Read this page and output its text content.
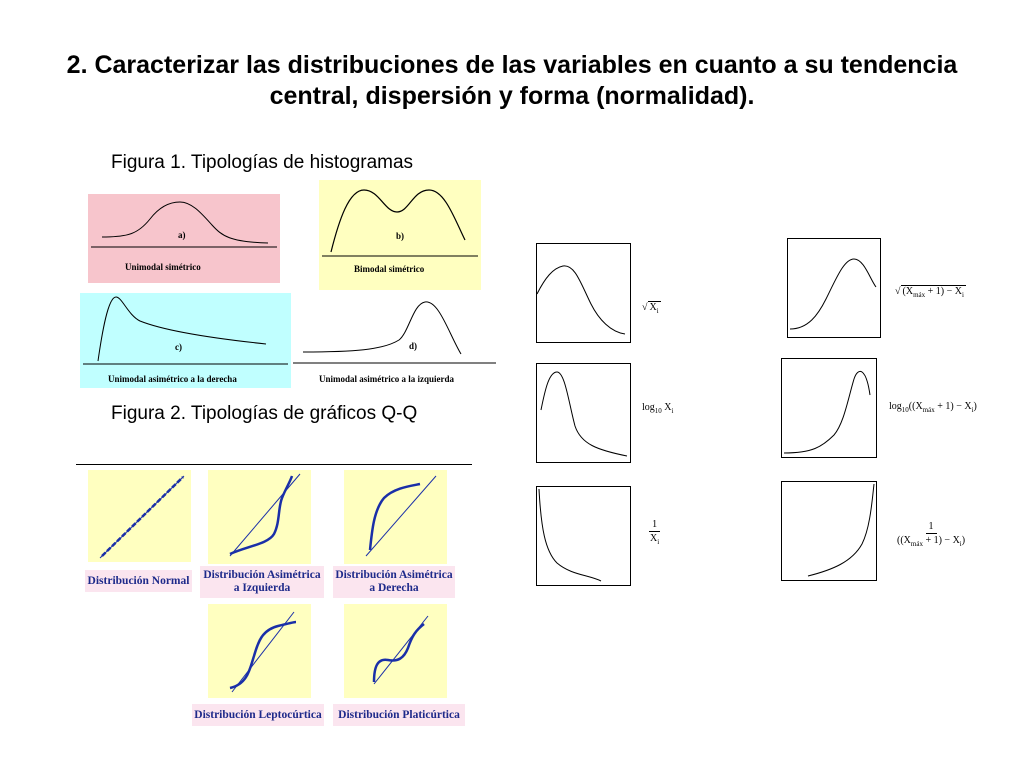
2. Caracterizar las distribuciones de las variables en cuanto a su tendencia central, dispersión y forma (normalidad).
Figura 1. Tipologías de histogramas
a)
Unimodal simétrico
b)
Bimodal simétrico
c)
Unimodal asimétrico a la derecha
d)
Unimodal asimétrico a la izquierda
Figura 2. Tipologías de gráficos Q-Q
Distribución Normal Distribución Asimétrica a Izquierda
Distribución Asimétrica a Derecha
Distribución Leptocúrtica	Distribución Platicúrtica
√ $X_i$
$\log_{10} X_i$
$\frac{1}{X_i}$
√ $(X_{máx} + 1) - X_i$
$\log_{10}((X_{máx} + 1) - X_i)$
$\frac{1}{((X_{máx} + 1) - X_i)}$
